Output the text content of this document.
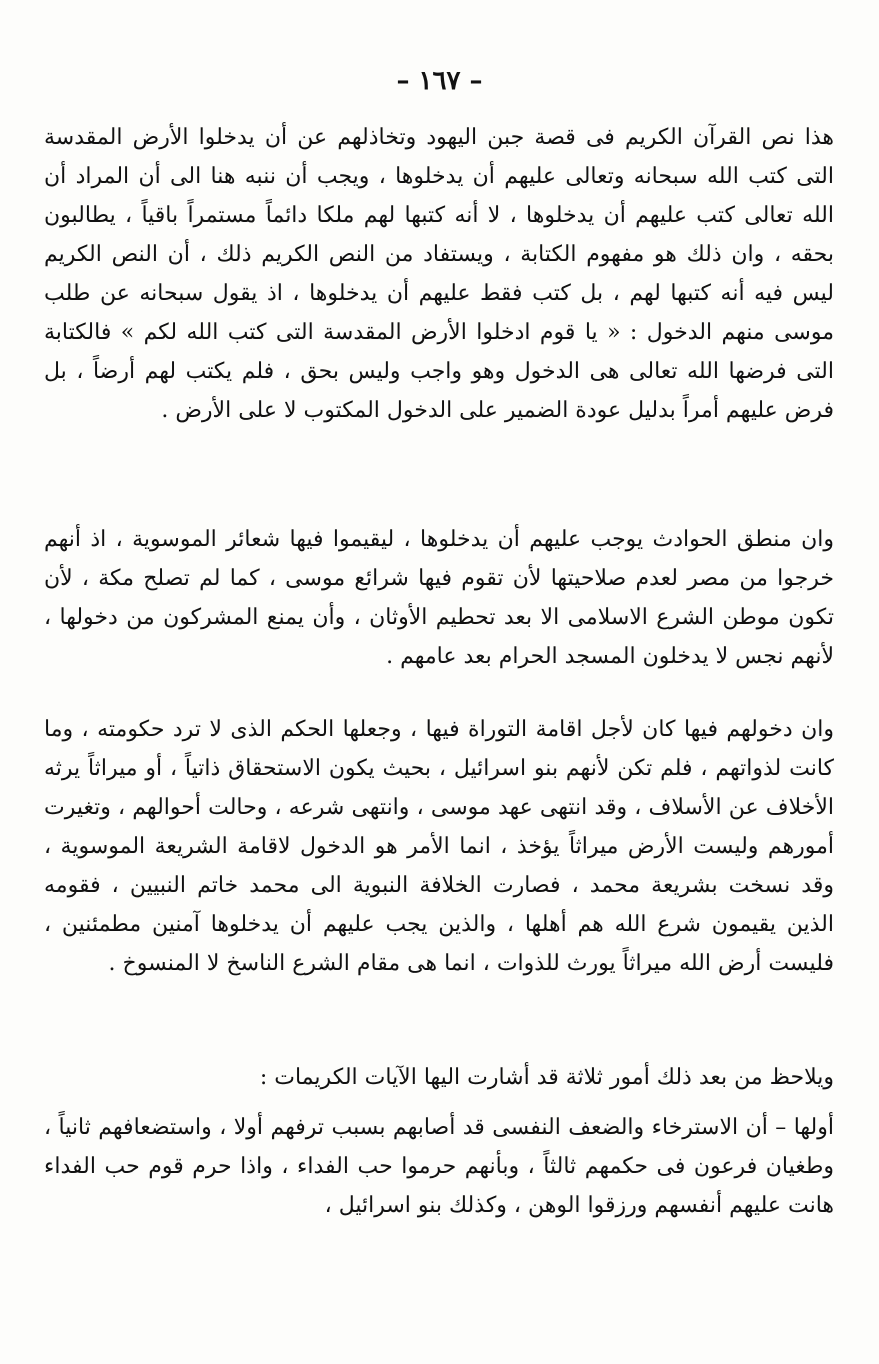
– ١٦٧ –

هذا نص القرآن الكريم فى قصة جبن اليهود وتخاذلهم عن أن يدخلوا الأرض المقدسة التى كتب الله سبحانه وتعالى عليهم أن يدخلوها ، ويجب أن ننبه هنا الى أن المراد أن الله تعالى كتب عليهم أن يدخلوها ، لا أنه كتبها لهم ملكا دائماً مستمراً باقياً ، يطالبون بحقه ، وان ذلك هو مفهوم الكتابة ، ويستفاد من النص الكريم ذلك ، أن النص الكريم ليس فيه أنه كتبها لهم ، بل كتب فقط عليهم أن يدخلوها ، اذ يقول سبحانه عن طلب موسى منهم الدخول : « يا قوم ادخلوا الأرض المقدسة التى كتب الله لكم » فالكتابة التى فرضها الله تعالى هى الدخول وهو واجب وليس بحق ، فلم يكتب لهم أرضاً ، بل فرض عليهم أمراً بدليل عودة الضمير على الدخول المكتوب لا على الأرض .

وان منطق الحوادث يوجب عليهم أن يدخلوها ، ليقيموا فيها شعائر الموسوية ، اذ أنهم خرجوا من مصر لعدم صلاحيتها لأن تقوم فيها شرائع موسى ، كما لم تصلح مكة ، لأن تكون موطن الشرع الاسلامى الا بعد تحطيم الأوثان ، وأن يمنع المشركون من دخولها ، لأنهم نجس لا يدخلون المسجد الحرام بعد عامهم .

وان دخولهم فيها كان لأجل اقامة التوراة فيها ، وجعلها الحكم الذى لا ترد حكومته ، وما كانت لذواتهم ، فلم تكن لأنهم بنو اسرائيل ، بحيث يكون الاستحقاق ذاتياً ، أو ميراثاً يرثه الأخلاف عن الأسلاف ، وقد انتهى عهد موسى ، وانتهى شرعه ، وحالت أحوالهم ، وتغيرت أمورهم وليست الأرض ميراثاً يؤخذ ، انما الأمر هو الدخول لاقامة الشريعة الموسوية ، وقد نسخت بشريعة محمد ، فصارت الخلافة النبوية الى محمد خاتم النبيين ، فقومه الذين يقيمون شرع الله هم أهلها ، والذين يجب عليهم أن يدخلوها آمنين مطمئنين ، فليست أرض الله ميراثاً يورث للذوات ، انما هى مقام الشرع الناسخ لا المنسوخ .

ويلاحظ من بعد ذلك أمور ثلاثة قد أشارت اليها الآيات الكريمات :

أولها – أن الاسترخاء والضعف النفسى قد أصابهم بسبب ترفهم أولا ، واستضعافهم ثانياً ، وطغيان فرعون فى حكمهم ثالثاً ، وبأنهم حرموا حب الفداء ، واذا حرم قوم حب الفداء هانت عليهم أنفسهم ورزقوا الوهن ، وكذلك بنو اسرائيل ،
